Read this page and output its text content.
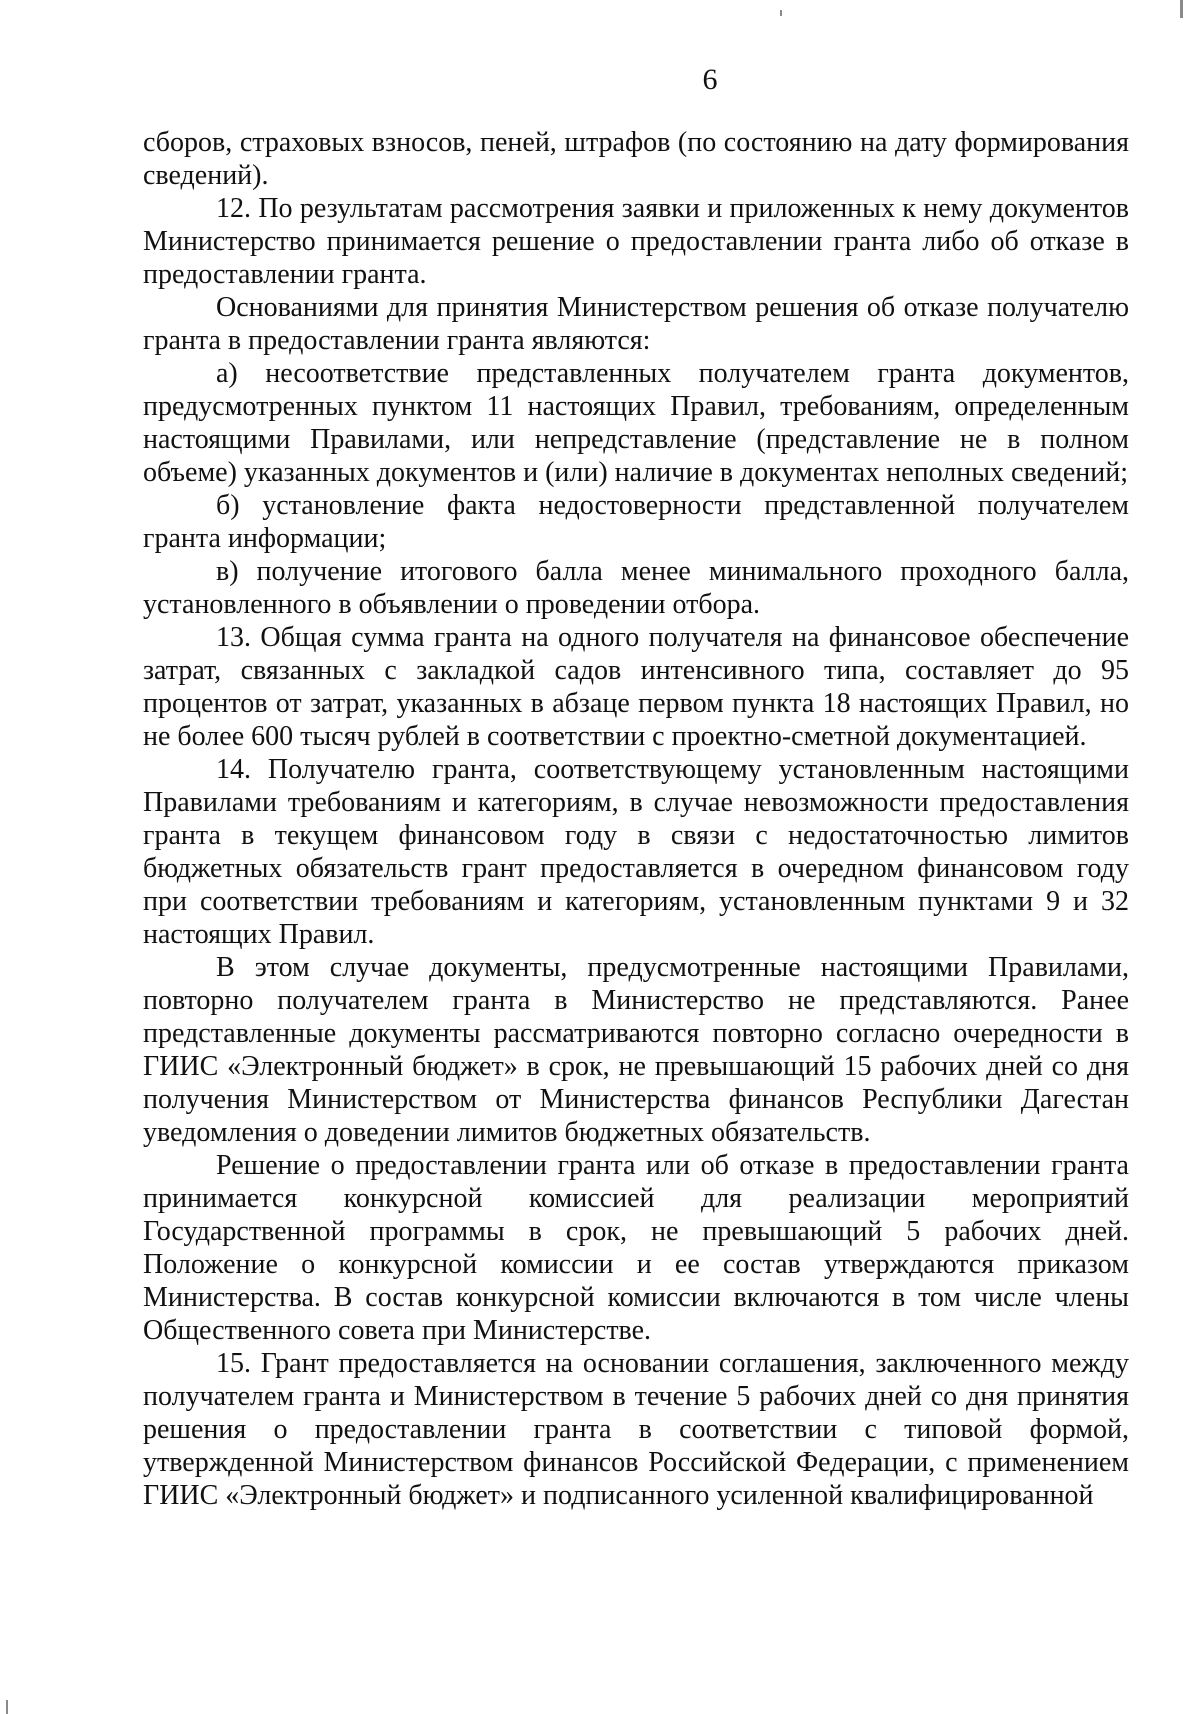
6

сборов, страховых взносов, пеней, штрафов (по состоянию на дату формирования сведений).

12. По результатам рассмотрения заявки и приложенных к нему документов Министерство принимается решение о предоставлении гранта либо об отказе в предоставлении гранта.

Основаниями для принятия Министерством решения об отказе получателю гранта в предоставлении гранта являются:

а) несоответствие представленных получателем гранта документов, предусмотренных пунктом 11 настоящих Правил, требованиям, определенным настоящими Правилами, или непредставление (представление не в полном объеме) указанных документов и (или) наличие в документах неполных сведений;

б) установление факта недостоверности представленной получателем гранта информации;

в) получение итогового балла менее минимального проходного балла, установленного в объявлении о проведении отбора.

13. Общая сумма гранта на одного получателя на финансовое обеспечение затрат, связанных с закладкой садов интенсивного типа, составляет до 95 процентов от затрат, указанных в абзаце первом пункта 18 настоящих Правил, но не более 600 тысяч рублей в соответствии с проектно-сметной документацией.

14. Получателю гранта, соответствующему установленным настоящими Правилами требованиям и категориям, в случае невозможности предоставления гранта в текущем финансовом году в связи с недостаточностью лимитов бюджетных обязательств грант предоставляется в очередном финансовом году при соответствии требованиям и категориям, установленным пунктами 9 и 32 настоящих Правил.

В этом случае документы, предусмотренные настоящими Правилами, повторно получателем гранта в Министерство не представляются. Ранее представленные документы рассматриваются повторно согласно очередности в ГИИС «Электронный бюджет» в срок, не превышающий 15 рабочих дней со дня получения Министерством от Министерства финансов Республики Дагестан уведомления о доведении лимитов бюджетных обязательств.

Решение о предоставлении гранта или об отказе в предоставлении гранта принимается конкурсной комиссией для реализации мероприятий Государственной программы в срок, не превышающий 5 рабочих дней. Положение о конкурсной комиссии и ее состав утверждаются приказом Министерства. В состав конкурсной комиссии включаются в том числе члены Общественного совета при Министерстве.

15. Грант предоставляется на основании соглашения, заключенного между получателем гранта и Министерством в течение 5 рабочих дней со дня принятия решения о предоставлении гранта в соответствии с типовой формой, утвержденной Министерством финансов Российской Федерации, с применением ГИИС «Электронный бюджет» и подписанного усиленной квалифицированной
